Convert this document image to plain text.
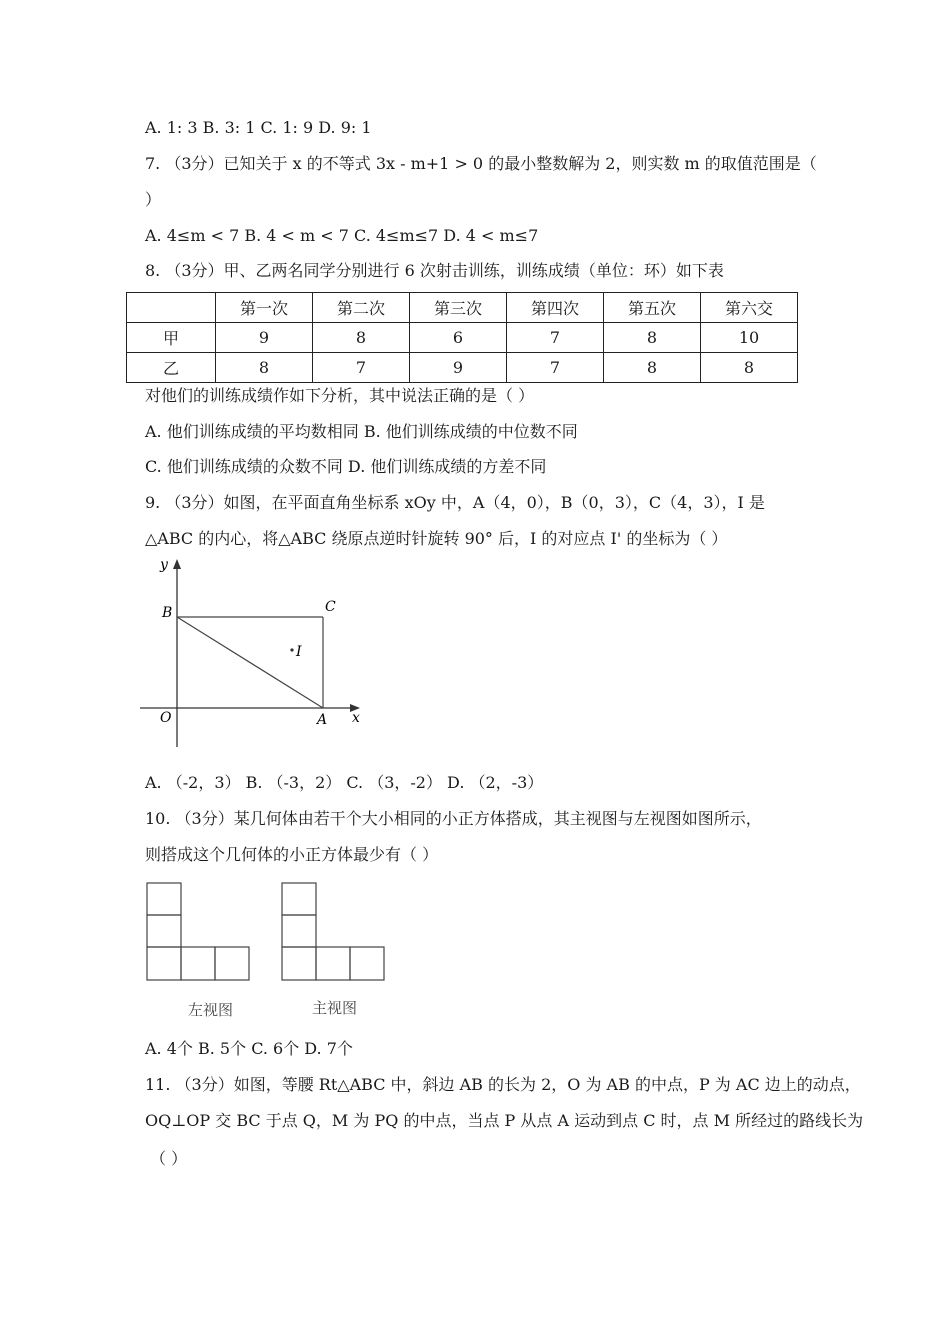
A. 1: 3 B. 3: 1 C. 1: 9 D. 9: 1
7. （3分）已知关于 x 的不等式 3x - m+1 > 0 的最小整数解为 2，则实数 m 的取值范围是（
）
A. 4≤m < 7 B. 4 < m < 7 C. 4≤m≤7 D. 4 < m≤7
8. （3分）甲、乙两名同学分别进行 6 次射击训练，训练成绩（单位：环）如下表
	第一次	第二次	第三次	第四次	第五次	第六交
甲	9	8	6	7	8	10
乙	8	7	9	7	8	8
对他们的训练成绩作如下分析，其中说法正确的是（ ）
A. 他们训练成绩的平均数相同 B. 他们训练成绩的中位数不同
C. 他们训练成绩的众数不同 D. 他们训练成绩的方差不同
9. （3分）如图，在平面直角坐标系 xOy 中，A（4，0），B（0，3），C（4，3），I 是
△ABC 的内心，将△ABC 绕原点逆时针旋转 90° 后，I 的对应点 I' 的坐标为（ ）
y
x
B	C
O	A
I
A. （-2，3） B. （-3，2） C. （3，-2） D. （2，-3）
10. （3分）某几何体由若干个大小相同的小正方体搭成，其主视图与左视图如图所示，
则搭成这个几何体的小正方体最少有（ ）
左视图	主视图
A. 4个 B. 5个 C. 6个 D. 7个
11. （3分）如图，等腰 Rt△ABC 中，斜边 AB 的长为 2，O 为 AB 的中点，P 为 AC 边上的动点，
OQ⊥OP 交 BC 于点 Q，M 为 PQ 的中点，当点 P 从点 A 运动到点 C 时，点 M 所经过的路线长为
（ ）
